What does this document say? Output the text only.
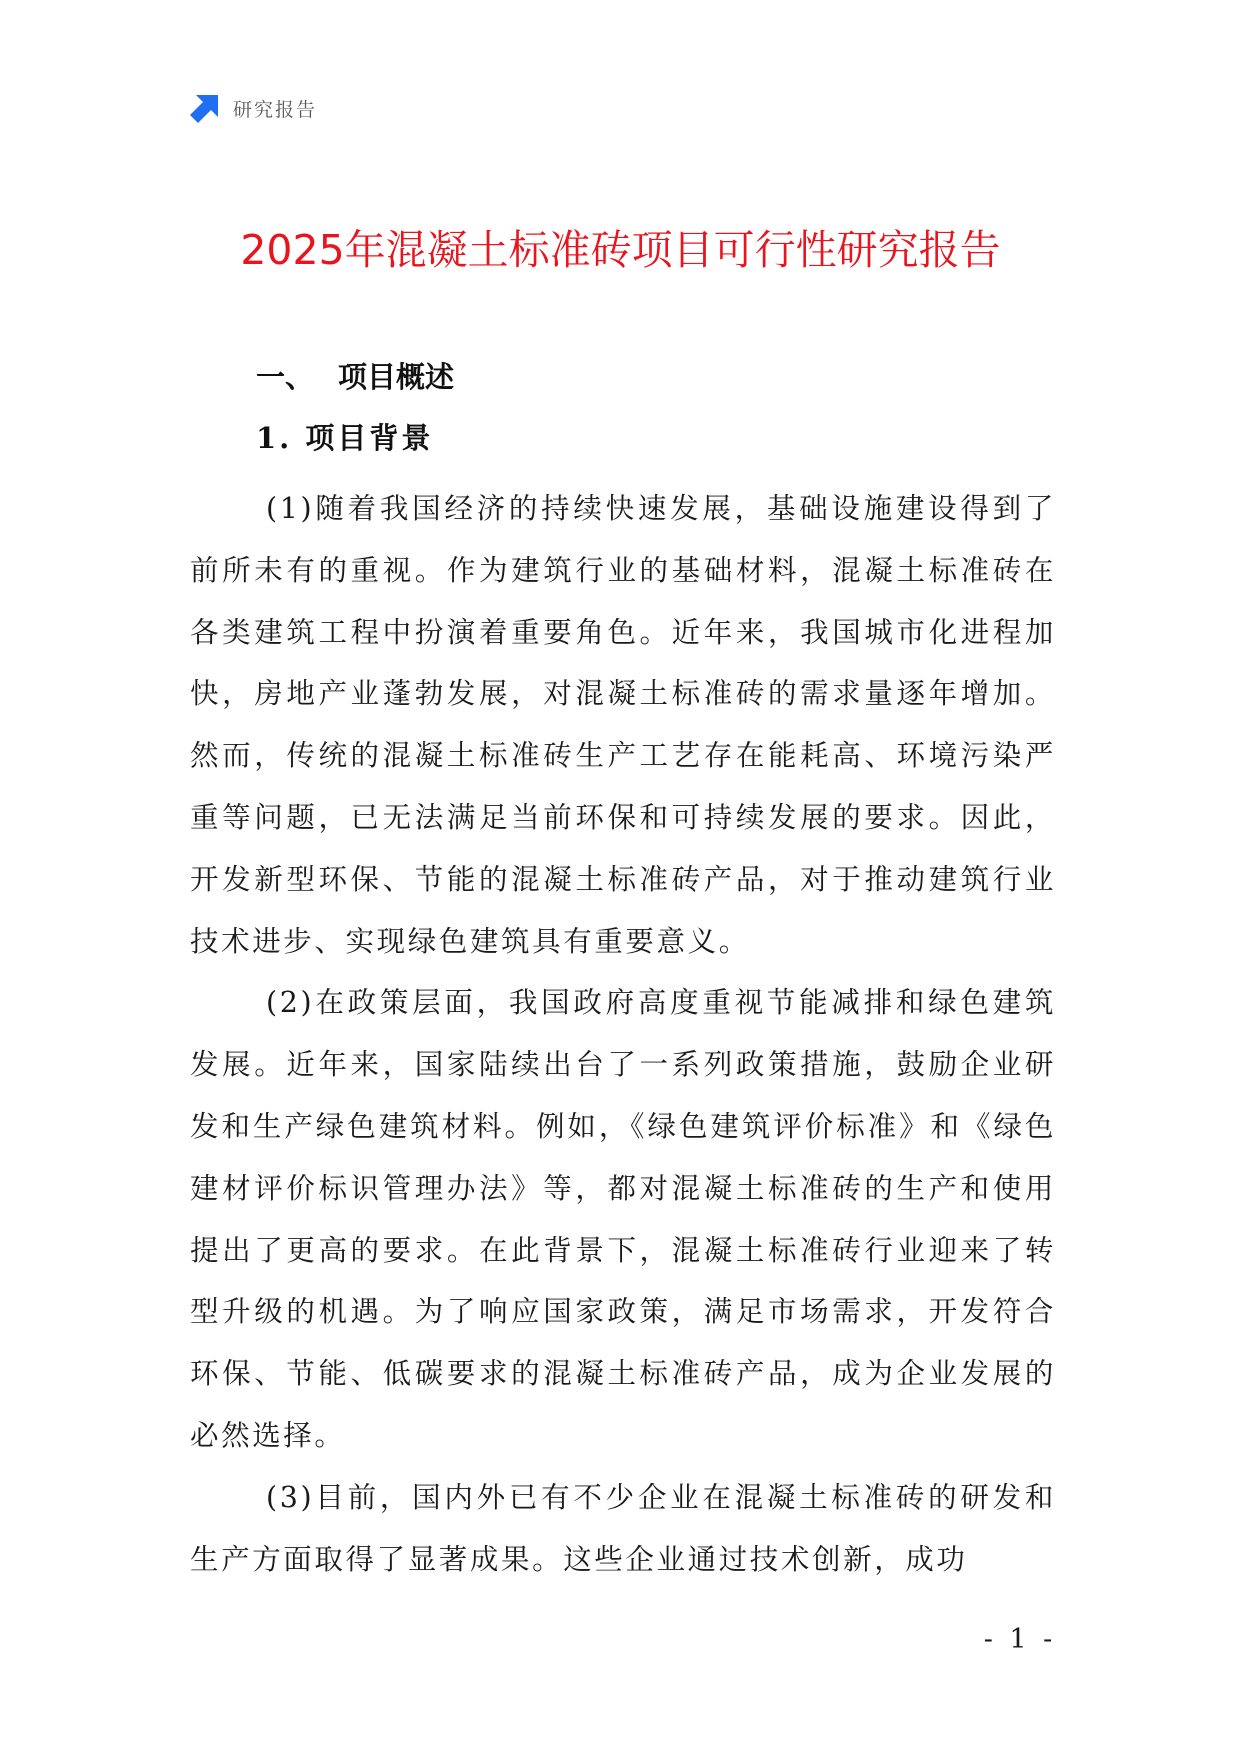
研究报告
2025年混凝土标准砖项目可行性研究报告
一、 项目概述
1. 项目背景

(1)随着我国经济的持续快速发展，基础设施建设得到了前所未有的重视。作为建筑行业的基础材料，混凝土标准砖在各类建筑工程中扮演着重要角色。近年来，我国城市化进程加快，房地产业蓬勃发展，对混凝土标准砖的需求量逐年增加。然而，传统的混凝土标准砖生产工艺存在能耗高、环境污染严重等问题，已无法满足当前环保和可持续发展的要求。因此，开发新型环保、节能的混凝土标准砖产品，对于推动建筑行业技术进步、实现绿色建筑具有重要意义。

(2)在政策层面，我国政府高度重视节能减排和绿色建筑发展。近年来，国家陆续出台了一系列政策措施，鼓励企业研发和生产绿色建筑材料。例如，《绿色建筑评价标准》和《绿色建材评价标识管理办法》等，都对混凝土标准砖的生产和使用提出了更高的要求。在此背景下，混凝土标准砖行业迎来了转型升级的机遇。为了响应国家政策，满足市场需求，开发符合环保、节能、低碳要求的混凝土标准砖产品，成为企业发展的必然选择。

(3)目前，国内外已有不少企业在混凝土标准砖的研发和生产方面取得了显著成果。这些企业通过技术创新，成功

- 1 -
